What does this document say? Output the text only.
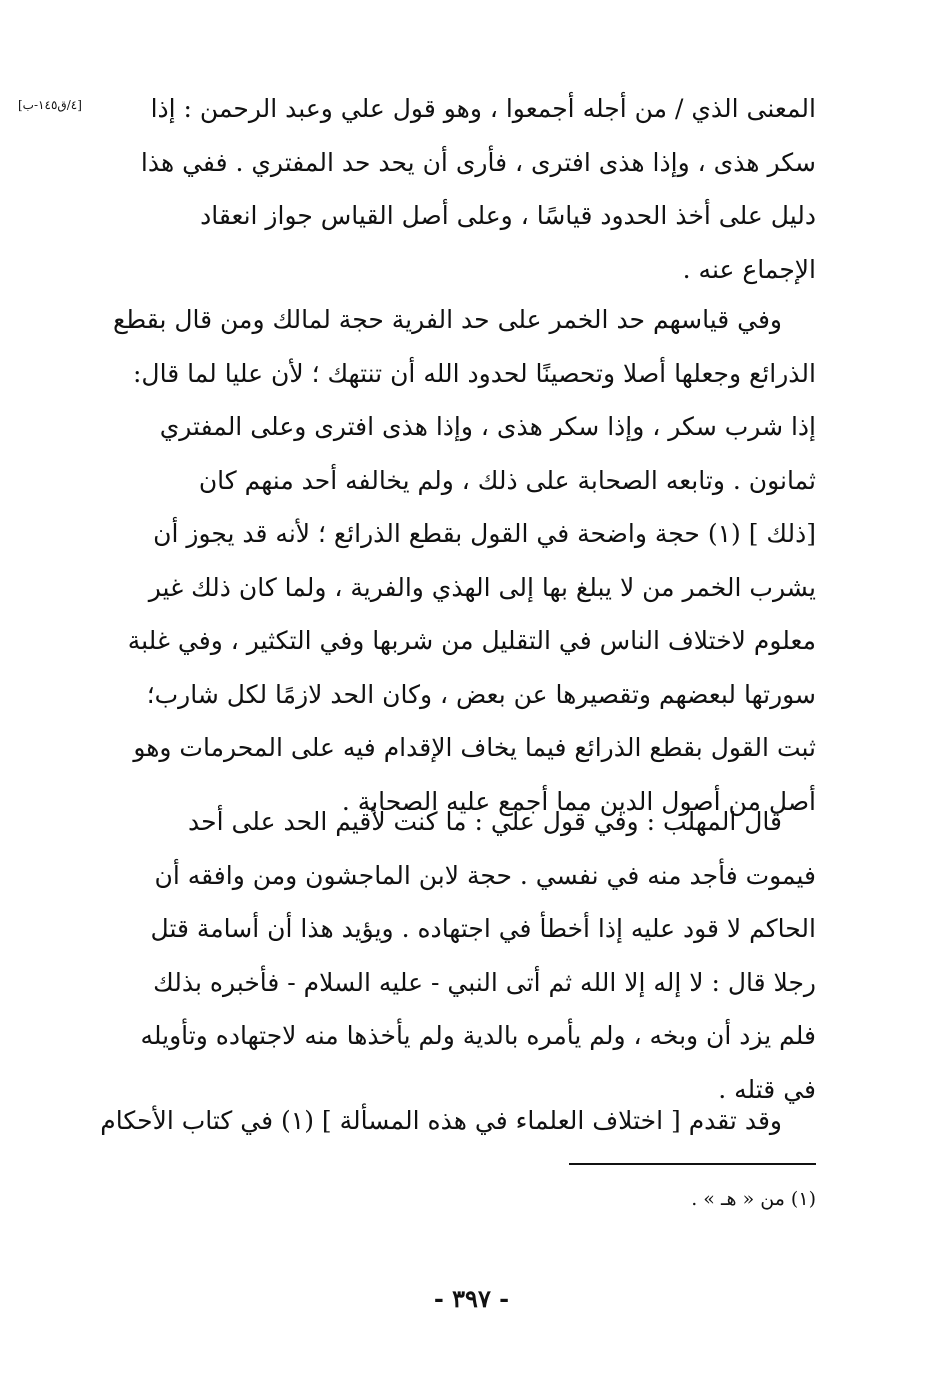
[٤/ق١٤٥-ب]	المعنى الذي / من أجله أجمعوا ، وهو قول علي وعبد الرحمن : إذا
سكر هذى ، وإذا هذى افترى ، فأرى أن يحد حد المفتري . ففي هذا
دليل على أخذ الحدود قياسًا ، وعلى أصل القياس جواز انعقاد
الإجماع عنه .
وفي قياسهم حد الخمر على حد الفرية حجة لمالك ومن قال بقطع
الذرائع وجعلها أصلا وتحصينًا لحدود الله أن تنتهك ؛ لأن عليا لما قال:
إذا شرب سكر ، وإذا سكر هذى ، وإذا هذى افترى وعلى المفتري
ثمانون . وتابعه الصحابة على ذلك ، ولم يخالفه أحد منهم كان
[ذلك ] (١) حجة واضحة في القول بقطع الذرائع ؛ لأنه قد يجوز أن
يشرب الخمر من لا يبلغ بها إلى الهذي والفرية ، ولما كان ذلك غير
معلوم لاختلاف الناس في التقليل من شربها وفي التكثير ، وفي غلبة
سورتها لبعضهم وتقصيرها عن بعض ، وكان الحد لازمًا لكل شارب؛
ثبت القول بقطع الذرائع فيما يخاف الإقدام فيه على المحرمات وهو
أصل من أصول الدين مما أجمع عليه الصحابة .
قال المهلب : وفي قول علي : ما كنت لأقيم الحد على أحد
فيموت فأجد منه في نفسي . حجة لابن الماجشون ومن وافقه أن
الحاكم لا قود عليه إذا أخطأ في اجتهاده . ويؤيد هذا أن أسامة قتل
رجلا قال : لا إله إلا الله ثم أتى النبي - عليه السلام - فأخبره بذلك
فلم يزد أن وبخه ، ولم يأمره بالدية ولم يأخذها منه لاجتهاده وتأويله
في قتله .
وقد تقدم [ اختلاف العلماء في هذه المسألة ] (١) في كتاب الأحكام
(١) من « هـ » .
- ٣٩٧ -
